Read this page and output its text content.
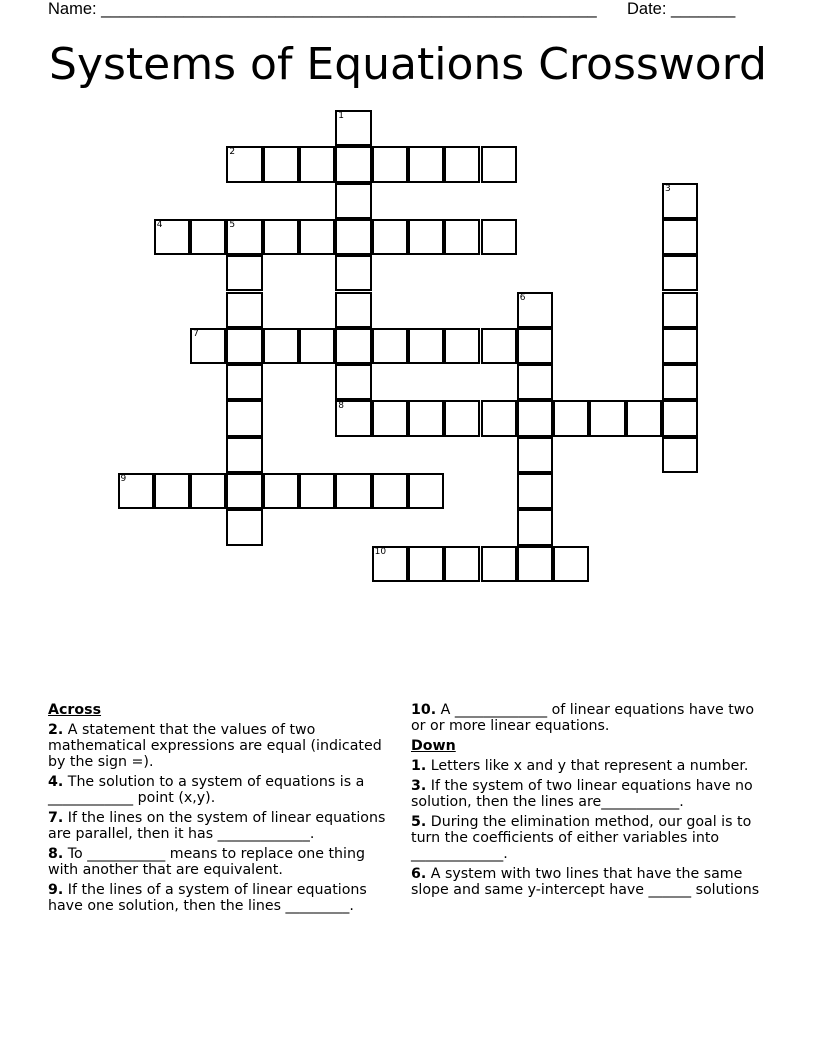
Name: ______________________________________________________ Date: _______
Systems of Equations Crossword
2
4	5
7
8
9
10
1
3
6
Across
2. A statement that the values of two mathematical expressions are equal (indicated by the sign =).
4. The solution to a system of equations is a ____________ point (x,y).
7. If the lines on the system of linear equations are parallel, then it has _____________.
8. To ___________ means to replace one thing with another that are equivalent.
9. If the lines of a system of linear equations have one solution, then the lines _________.
10. A _____________ of linear equations have two or or more linear equations.
Down
1. Letters like x and y that represent a number.
3. If the system of two linear equations have no solution, then the lines are___________.
5. During the elimination method, our goal is to turn the coefficients of either variables into _____________.
6. A system with two lines that have the same slope and same y-intercept have ______ solutions
